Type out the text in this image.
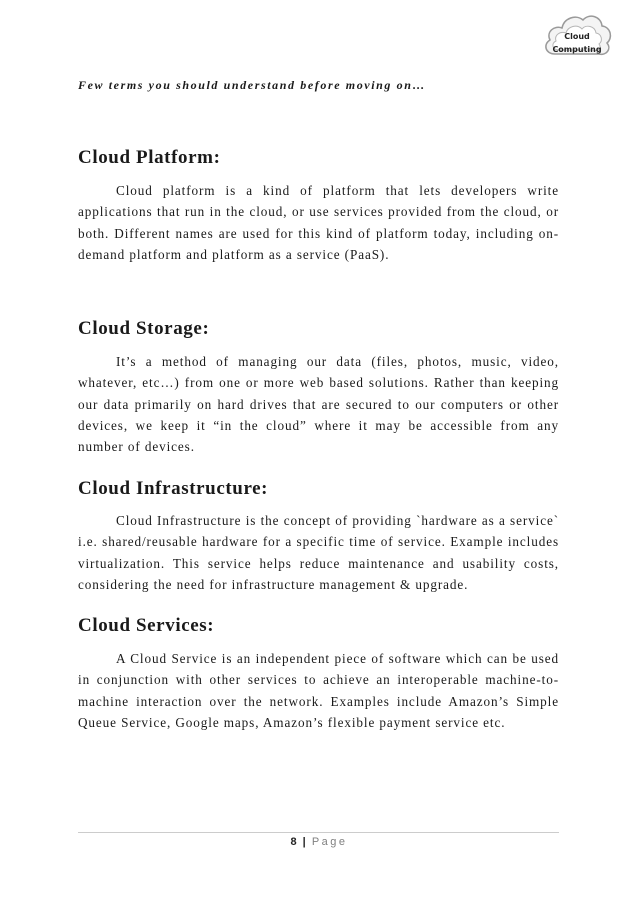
Cloud
Computing
Few terms you should understand before moving on…
Cloud Platform:
Cloud platform is a kind of platform that lets developers write applications that run in the cloud, or use services provided from the cloud, or both. Different names are used for this kind of platform today, including on-demand platform and platform as a service (PaaS).
Cloud Storage:
It’s a method of managing our data (files, photos, music, video, whatever, etc…) from one or more web based solutions. Rather than keeping our data primarily on hard drives that are secured to our computers or other devices, we keep it “in the cloud” where it may be accessible from any number of devices.
Cloud Infrastructure:
Cloud Infrastructure is the concept of providing `hardware as a service` i.e. shared/reusable hardware for a specific time of service. Example includes virtualization. This service helps reduce maintenance and usability costs, considering the need for infrastructure management & upgrade.
Cloud Services:
A Cloud Service is an independent piece of software which can be used in conjunction with other services to achieve an interoperable machine-to-machine interaction over the network. Examples include Amazon’s Simple Queue Service, Google maps, Amazon’s flexible payment service etc.
8 | Page
